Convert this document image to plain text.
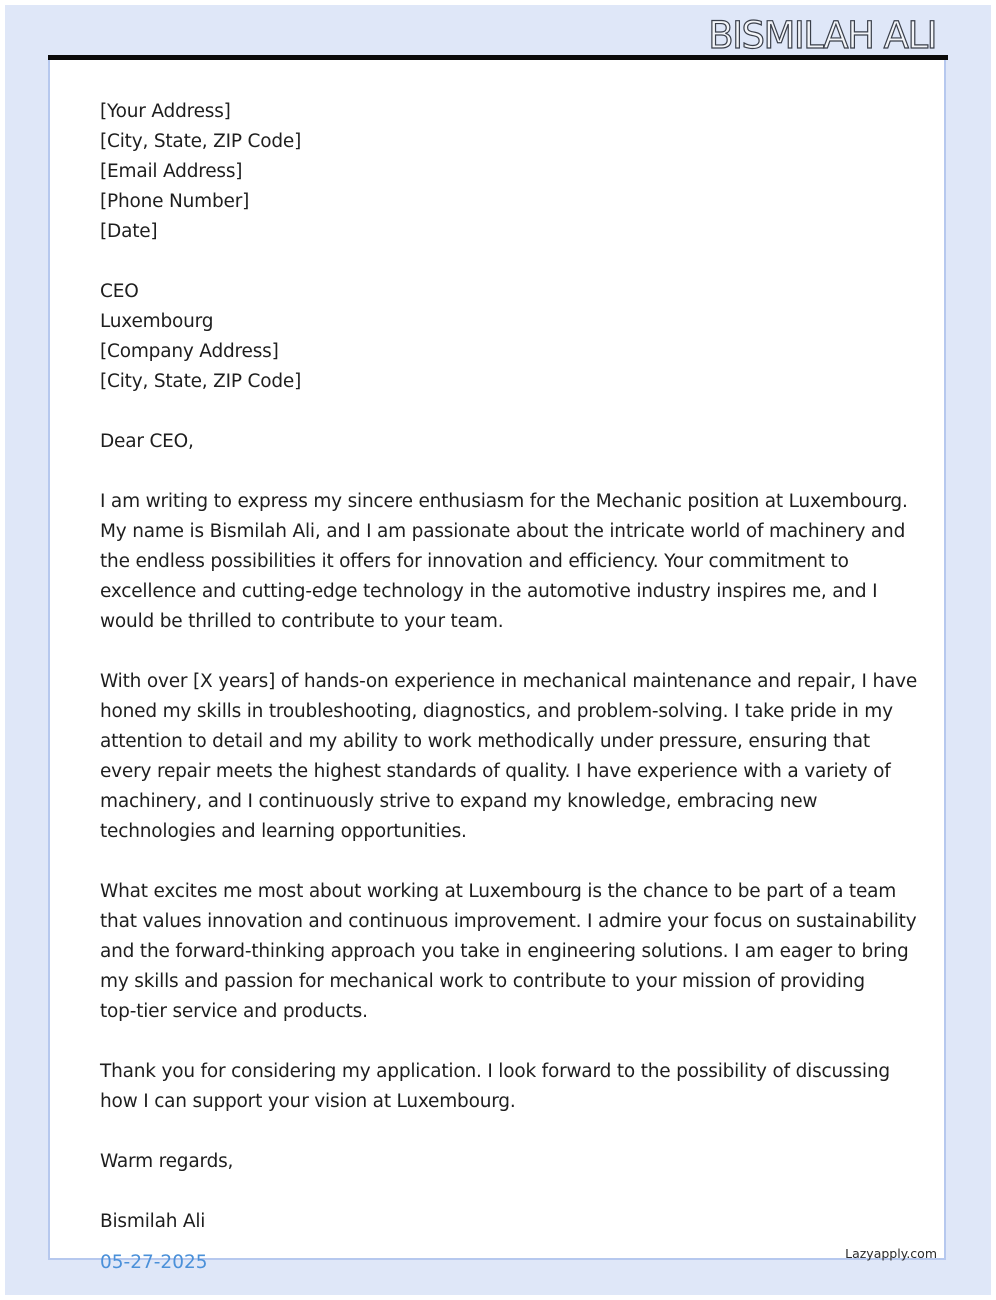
BISMILAH ALI

[Your Address]

[City, State, ZIP Code]

[Email Address]

[Phone Number]

[Date]

CEO

Luxembourg

[Company Address]

[City, State, ZIP Code]

Dear CEO,

I am writing to express my sincere enthusiasm for the Mechanic position at Luxembourg.

My name is Bismilah Ali, and I am passionate about the intricate world of machinery and

the endless possibilities it offers for innovation and efficiency. Your commitment to

excellence and cutting-edge technology in the automotive industry inspires me, and I

would be thrilled to contribute to your team.

With over [X years] of hands-on experience in mechanical maintenance and repair, I have

honed my skills in troubleshooting, diagnostics, and problem-solving. I take pride in my

attention to detail and my ability to work methodically under pressure, ensuring that

every repair meets the highest standards of quality. I have experience with a variety of

machinery, and I continuously strive to expand my knowledge, embracing new

technologies and learning opportunities.

What excites me most about working at Luxembourg is the chance to be part of a team

that values innovation and continuous improvement. I admire your focus on sustainability

and the forward-thinking approach you take in engineering solutions. I am eager to bring

my skills and passion for mechanical work to contribute to your mission of providing

top-tier service and products.

Thank you for considering my application. I look forward to the possibility of discussing

how I can support your vision at Luxembourg.

Warm regards,

Bismilah Ali

05-27-2025	Lazyapply.com
